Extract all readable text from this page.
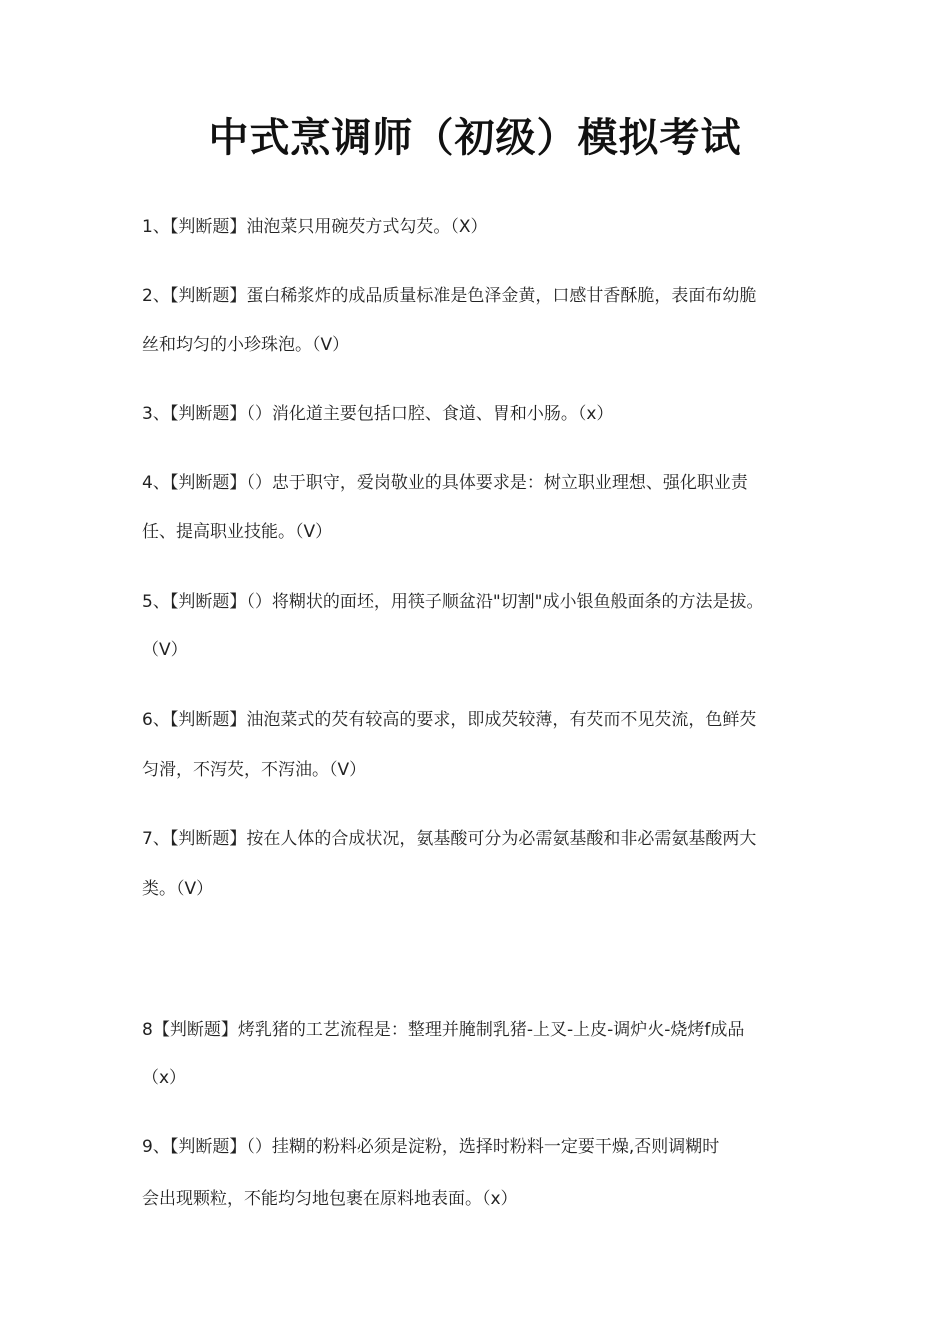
中式烹调师（初级）模拟考试
1、【判断题】油泡菜只用碗芡方式勾芡。（X）
2、【判断题】蛋白稀浆炸的成品质量标准是色泽金黄，口感甘香酥脆，表面布幼脆
丝和均匀的小珍珠泡。（V）
3、【判断题】（）消化道主要包括口腔、食道、胃和小肠。（x）
4、【判断题】（）忠于职守，爱岗敬业的具体要求是：树立职业理想、强化职业责
任、提高职业技能。（V）
5、【判断题】（）将糊状的面坯，用筷子顺盆沿"切割"成小银鱼般面条的方法是拔。
（V）
6、【判断题】油泡菜式的芡有较高的要求，即成芡较薄，有芡而不见芡流，色鲜芡
匀滑，不泻芡，不泻油。（V）
7、【判断题】按在人体的合成状况，氨基酸可分为必需氨基酸和非必需氨基酸两大
类。（V）
8【判断题】烤乳猪的工艺流程是：整理并腌制乳猪-上叉-上皮-调炉火-烧烤f成品
（x）
9、【判断题】（）挂糊的粉料必须是淀粉，选择时粉料一定要干燥,否则调糊时
会出现颗粒，不能均匀地包裹在原料地表面。（x）
